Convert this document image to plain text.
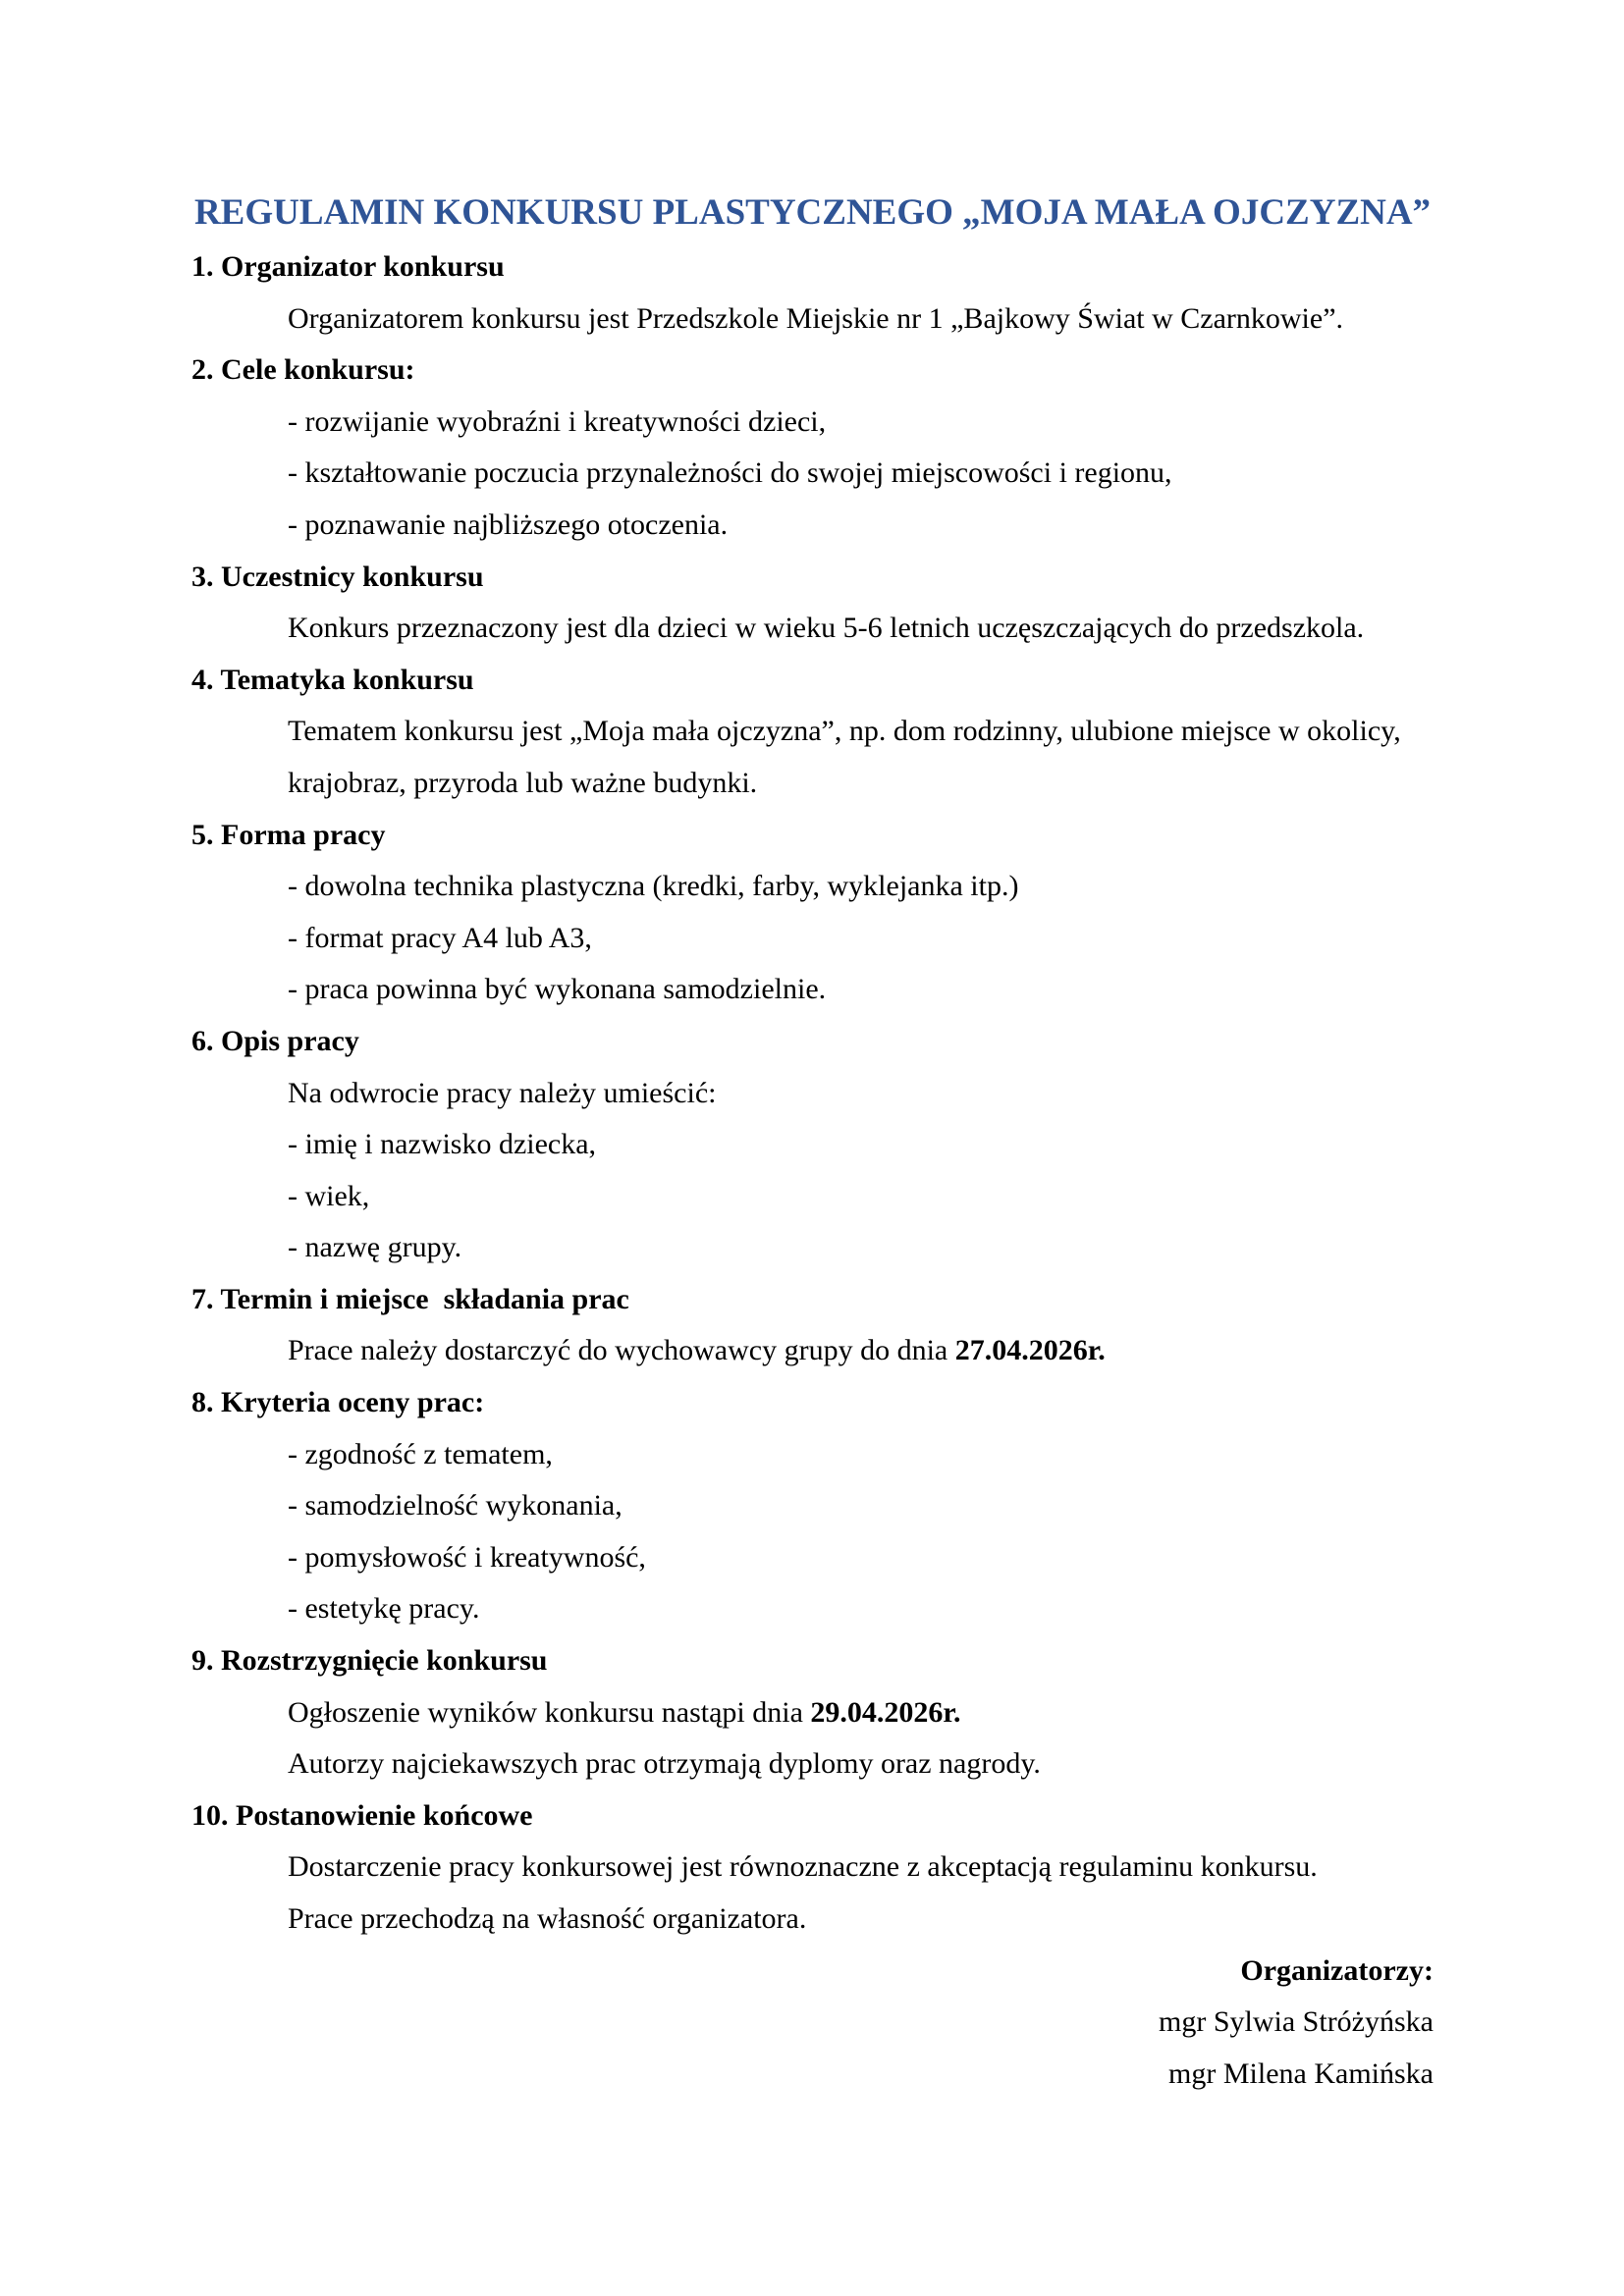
REGULAMIN KONKURSU PLASTYCZNEGO „MOJA MAŁA OJCZYZNA”
1. Organizator konkursu
Organizatorem konkursu jest Przedszkole Miejskie nr 1 „Bajkowy Świat w Czarnkowie”.
2. Cele konkursu:
- rozwijanie wyobraźni i kreatywności dzieci,
- kształtowanie poczucia przynależności do swojej miejscowości i regionu,
- poznawanie najbliższego otoczenia.
3. Uczestnicy konkursu
Konkurs przeznaczony jest dla dzieci w wieku 5-6 letnich uczęszczających do przedszkola.
4. Tematyka konkursu
Tematem konkursu jest „Moja mała ojczyzna”, np. dom rodzinny, ulubione miejsce w okolicy,
krajobraz, przyroda lub ważne budynki.
5. Forma pracy
- dowolna technika plastyczna (kredki, farby, wyklejanka itp.)
- format pracy A4 lub A3,
- praca powinna być wykonana samodzielnie.
6. Opis pracy
Na odwrocie pracy należy umieścić:
- imię i nazwisko dziecka,
- wiek,
- nazwę grupy.
7. Termin i miejsce  składania prac
Prace należy dostarczyć do wychowawcy grupy do dnia 27.04.2026r.
8. Kryteria oceny prac:
- zgodność z tematem,
- samodzielność wykonania,
- pomysłowość i kreatywność,
- estetykę pracy.
9. Rozstrzygnięcie konkursu
Ogłoszenie wyników konkursu nastąpi dnia 29.04.2026r.
Autorzy najciekawszych prac otrzymają dyplomy oraz nagrody.
10. Postanowienie końcowe
Dostarczenie pracy konkursowej jest równoznaczne z akceptacją regulaminu konkursu.
Prace przechodzą na własność organizatora.
Organizatorzy:
mgr Sylwia Stróżyńska
mgr Milena Kamińska
